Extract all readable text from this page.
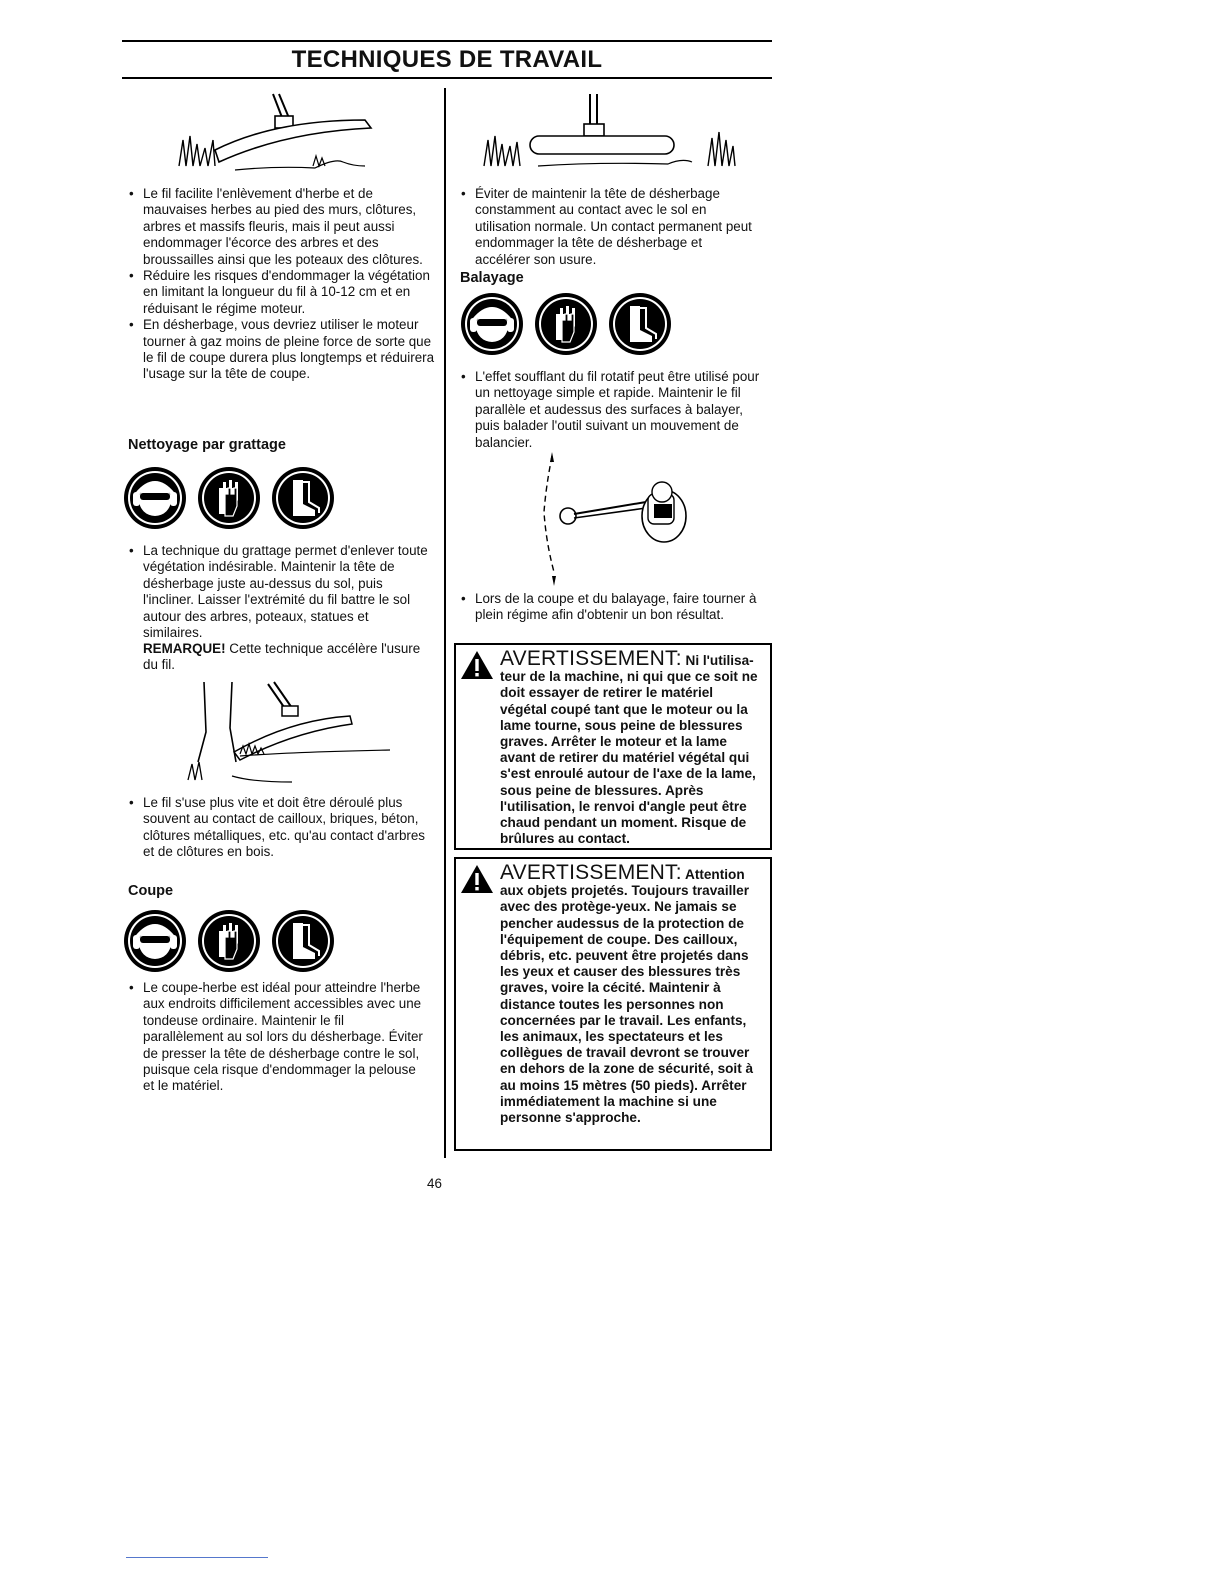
TECHNIQUES DE TRAVAIL
• Le fil facilite l'enlèvement d'herbe et de mauvaises herbes au pied des murs, clôtures, arbres et massifs fleuris, mais il peut aussi endommager l'écorce des arbres et des broussailles ainsi que les poteaux des clôtures.
• Réduire les risques d'endommager la végétation en limitant la longueur du fil à 10-12 cm et en réduisant le régime moteur.
• En désherbage, vous devriez utiliser le moteur tourner à gaz moins de pleine force de sorte que le fil de coupe durera plus longtemps et réduirera l'usage sur la tête de coupe.
Nettoyage par grattage
• La technique du grattage permet d'enlever toute végétation indésirable. Maintenir la tête de désherbage juste au-dessus du sol, puis l'incliner. Laisser l'extrémité du fil battre le sol autour des arbres, poteaux, statues et similaires.
REMARQUE! Cette technique accélère l'usure du fil.
• Le fil s'use plus vite et doit être déroulé plus souvent au contact de cailloux, briques, béton, clôtures métalliques, etc. qu'au contact d'arbres et de clôtures en bois.
Coupe
• Le coupe-herbe est idéal pour atteindre l'herbe aux endroits difficilement accessibles avec une tondeuse ordinaire. Maintenir le fil parallèlement au sol lors du désherbage. Éviter de presser la tête de désherbage contre le sol, puisque cela risque d'endommager la pelouse et le matériel.
• Éviter de maintenir la tête de désherbage constamment au contact avec le sol en utilisation normale. Un contact permanent peut endommager la tête de désherbage et accélérer son usure.
Balayage
• L'effet soufflant du fil rotatif peut être utilisé pour un nettoyage simple et rapide. Maintenir le fil parallèle et audessus des surfaces à balayer, puis balader l'outil suivant un mouvement de balancier.
• Lors de la coupe et du balayage, faire tourner à plein régime afin d'obtenir un bon résultat.
AVERTISSEMENT: Ni l'utilisa-
teur de la machine, ni qui que ce soit ne doit essayer de retirer le matériel végétal coupé tant que le moteur ou la lame tourne, sous peine de blessures graves. Arrêter le moteur et la lame avant de retirer du matériel végétal qui s'est enroulé autour de l'axe de la lame, sous peine de blessures. Après l'utilisation, le renvoi d'angle peut être chaud pendant un moment. Risque de brûlures au contact.
AVERTISSEMENT: Attention
aux objets projetés. Toujours travailler avec des protège-yeux. Ne jamais se pencher audessus de la protection de l'équipement de coupe. Des cailloux, débris, etc. peuvent être projetés dans les yeux et causer des blessures très graves, voire la cécité. Maintenir à distance toutes les personnes non concernées par le travail. Les enfants, les animaux, les spectateurs et les collègues de travail devront se trouver en dehors de la zone de sécurité, soit à au moins 15 mètres (50 pieds). Arrêter immédiatement la machine si une personne s'approche.
46
